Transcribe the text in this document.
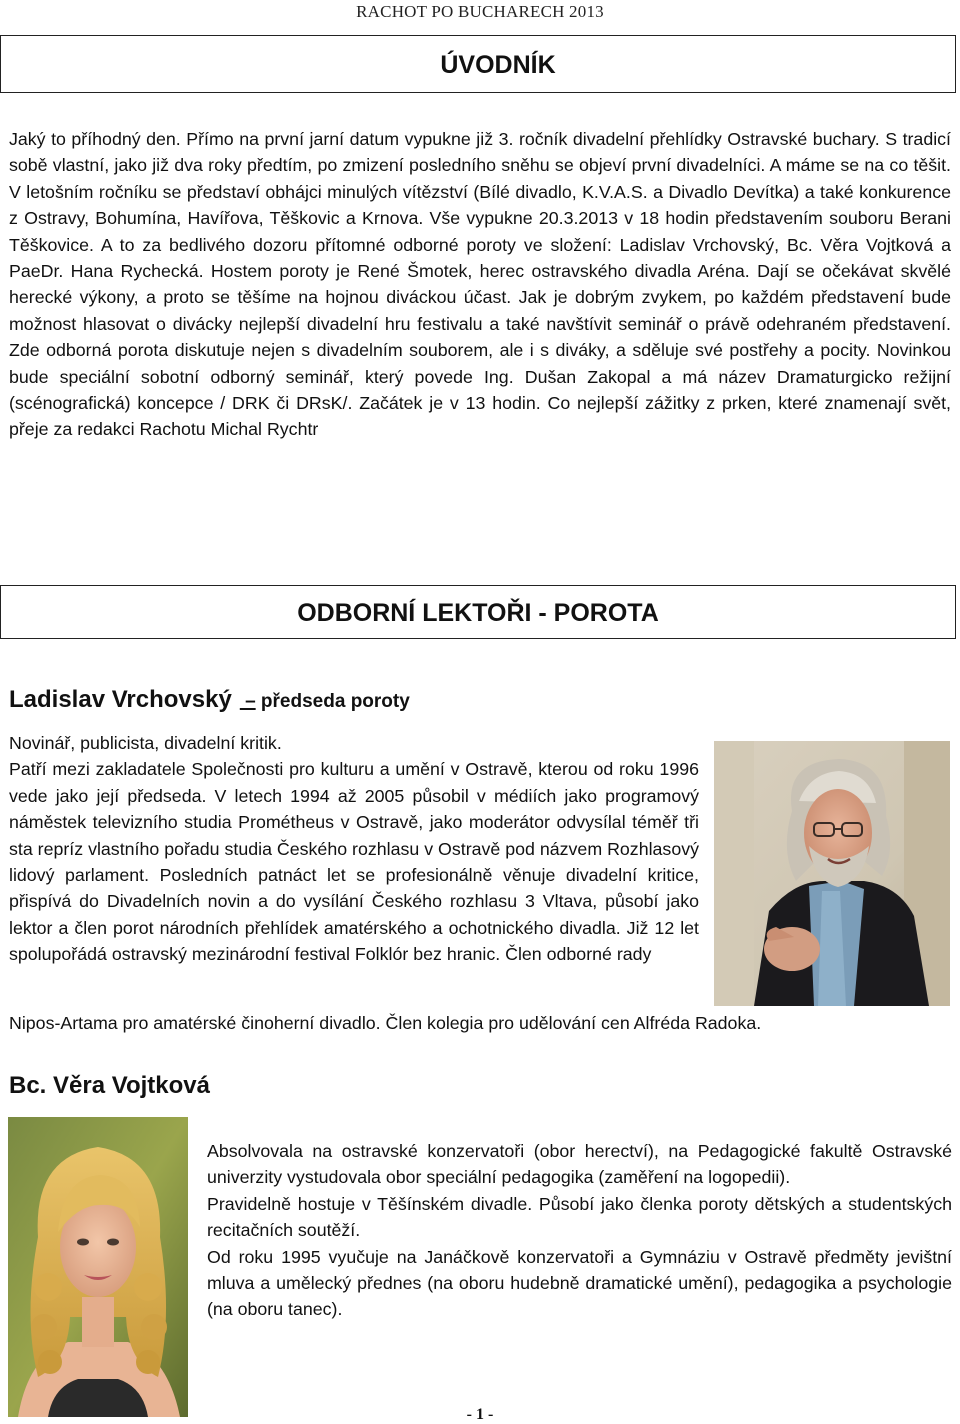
RACHOT PO BUCHARECH 2013
ÚVODNÍK
Jaký to příhodný den. Přímo na první jarní datum vypukne již 3. ročník divadelní přehlídky Ostravské buchary. S tradicí sobě vlastní, jako již dva roky předtím, po zmizení posledního sněhu se objeví první divadelníci. A máme se na co těšit. V letošním ročníku se představí obhájci minulých vítězství (Bílé divadlo, K.V.A.S. a Divadlo Devítka) a také konkurence z Ostravy, Bohumína, Havířova, Těškovic a Krnova. Vše vypukne 20.3.2013 v 18 hodin představením souboru Berani Těškovice. A to za bedlivého dozoru přítomné odborné poroty ve složení: Ladislav Vrchovský, Bc. Věra Vojtková a PaeDr. Hana Rychecká. Hostem poroty je René Šmotek, herec ostravského divadla Aréna. Dají se očekávat skvělé herecké výkony, a proto se těšíme na hojnou diváckou účast. Jak je dobrým zvykem, po každém představení bude možnost hlasovat o divácky nejlepší divadelní hru festivalu a také navštívit seminář o právě odehraném představení. Zde odborná porota diskutuje nejen s divadelním souborem, ale i s diváky, a sděluje své postřehy a pocity. Novinkou bude speciální sobotní odborný seminář, který povede Ing. Dušan Zakopal a má název Dramaturgicko režijní (scénografická) koncepce / DRK či DRsK/. Začátek je v 13 hodin. Co nejlepší zážitky z prken, které znamenají svět, přeje za redakci Rachotu Michal Rychtr
ODBORNÍ LEKTOŘI - POROTA
Ladislav Vrchovský – předseda poroty
Novinář, publicista, divadelní kritik.
Patří mezi zakladatele Společnosti pro kulturu a umění v Ostravě, kterou od roku 1996 vede jako její předseda. V letech 1994 až 2005 působil v médiích jako programový náměstek televizního studia Prométheus v Ostravě, jako moderátor odvysílal téměř tři sta repríz vlastního pořadu studia Českého rozhlasu v Ostravě pod názvem Rozhlasový lidový parlament. Posledních patnáct let se profesionálně věnuje divadelní kritice, přispívá do Divadelních novin a do vysílání Českého rozhlasu 3 Vltava, působí jako lektor a člen porot národních přehlídek amatérského a ochotnického divadla. Již 12 let spolupořádá ostravský mezinárodní festival Folklór bez hranic. Člen odborné rady
Nipos-Artama pro amatérské činoherní divadlo. Člen kolegia pro udělování cen Alfréda Radoka.
Bc. Věra Vojtková
Absolvovala na ostravské konzervatoři (obor herectví), na Pedagogické fakultě Ostravské univerzity vystudovala obor speciální pedagogika (zaměření na logopedii).
Pravidelně hostuje v Těšínském divadle. Působí jako členka poroty dětských a studentských recitačních soutěží.
Od roku 1995 vyučuje na Janáčkově konzervatoři a Gymnáziu v Ostravě předměty jevištní mluva a umělecký přednes (na oboru hudebně dramatické umění), pedagogika a psychologie (na oboru tanec).
- 1 -
